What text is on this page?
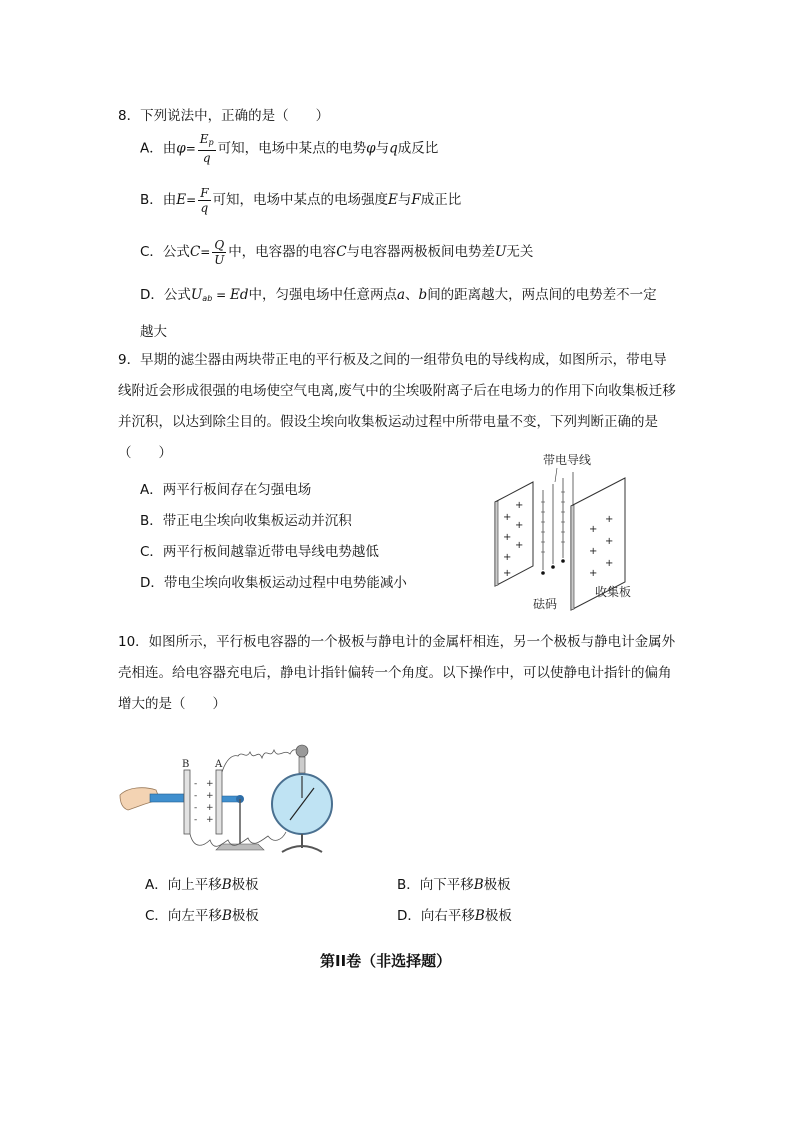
8．下列说法中，正确的是（　　）
A．由$\varphi= \frac{E_p}{q}$ 可知，电场中某点的电势φ与q成反比
B．由$E= \frac{F}{q}$ 可知，电场中某点的电场强度E与F成正比
C．公式$C= \frac{Q}{U}$ 中，电容器的电容C与电容器两极板间电势差U无关
D．公式$U_{ab} = Ed$中，匀强电场中任意两点a、b间的距离越大，两点间的电势差不一定
越大
9．早期的滤尘器由两块带正电的平行板及之间的一组带负电的导线构成，如图所示，带电导线附近会形成很强的电场使空气电离,废气中的尘埃吸附离子后在电场力的作用下向收集板迁移并沉积，以达到除尘目的。假设尘埃向收集板运动过程中所带电量不变，下列判断正确的是（　　）
A．两平行板间存在匀强电场
B．带正电尘埃向收集板运动并沉积
C．两平行板间越靠近带电导线电势越低
D．带电尘埃向收集板运动过程中电势能减小
+
+
+
+
+
+
+
+
+
+
+
+
+
带电导线
砝码
收集板
10．如图所示，平行板电容器的一个极板与静电计的金属杆相连，另一个极板与静电计金属外壳相连。给电容器充电后，静电计指针偏转一个角度。以下操作中，可以使静电计指针的偏角增大的是（　　）
B
-
-
-
-
A
+
+
+
+
A．向上平移B极板	B．向下平移B极板
C．向左平移B极板	D．向右平移B极板
第II卷（非选择题）
